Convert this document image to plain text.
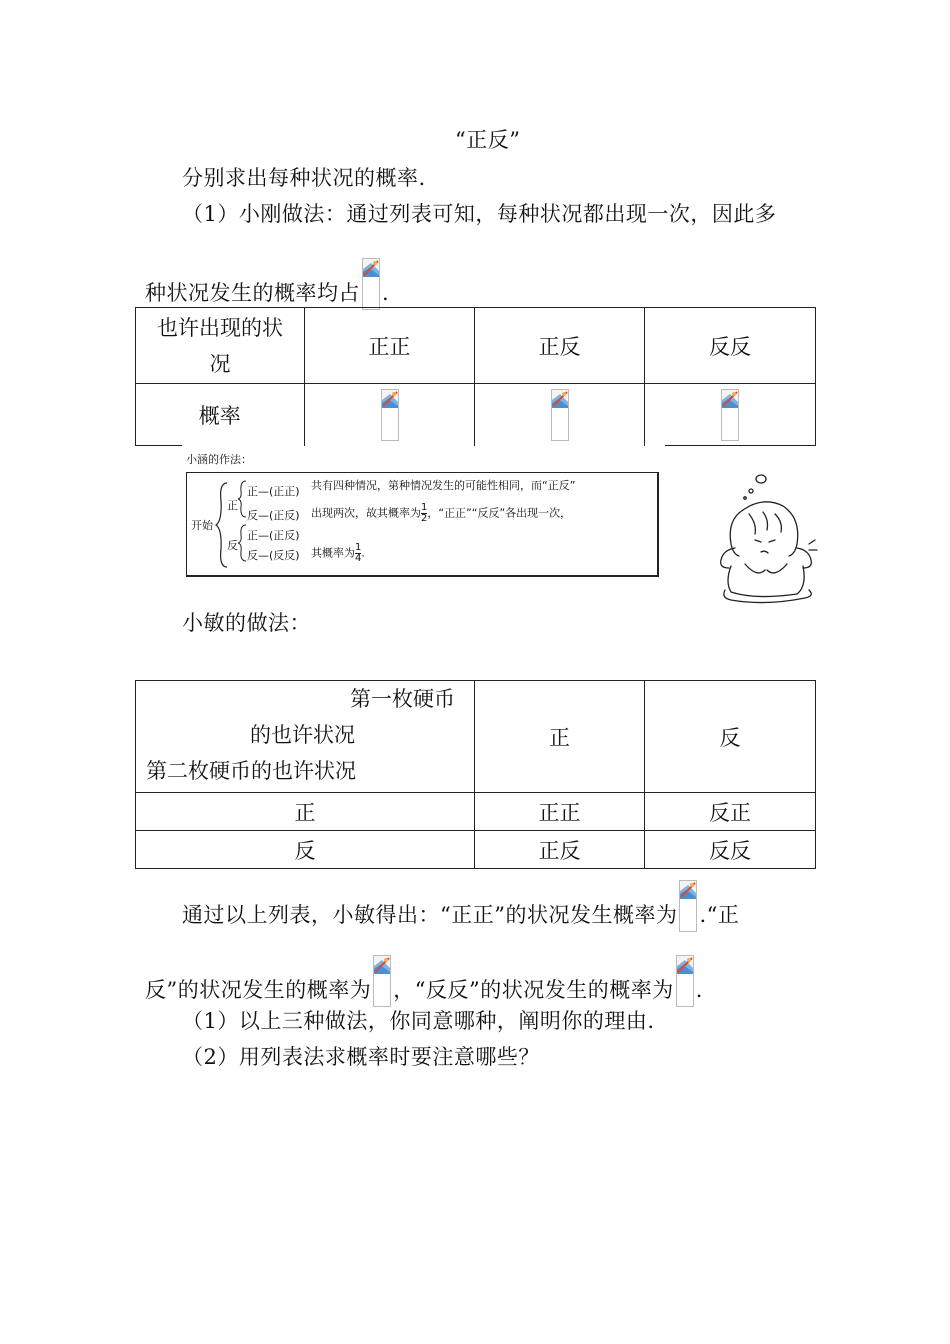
“正反”
分别求出每种状况的概率.
（1）小刚做法：通过列表可知，每种状况都出现一次，因此多
种状况发生的概率均占 .
也许出现的状
况	正正	正反	反反
概率	

小涵的作法：
开始
正
反
正—(正正)
反—(正反)
正—(正反)
反—(反反)
共有四种情况，第种情况发生的可能性相同，而“正反”
出现两次，故其概率为 $\frac{1}{2}$ ，“正正”“反反”各出现一次，
其概率为 $\frac{1}{4}$ .
小敏的做法：
第一枚硬币
的也许状况
第二枚硬币的也许状况	正	反
正	正正	反正
反	正反	反反
通过以上列表，小敏得出：“正正”的状况发生概率为 .“正
反”的状况发生的概率为 ，“反反”的状况发生的概率为 .
（1）以上三种做法，你同意哪种，阐明你的理由.
（2）用列表法求概率时要注意哪些？
